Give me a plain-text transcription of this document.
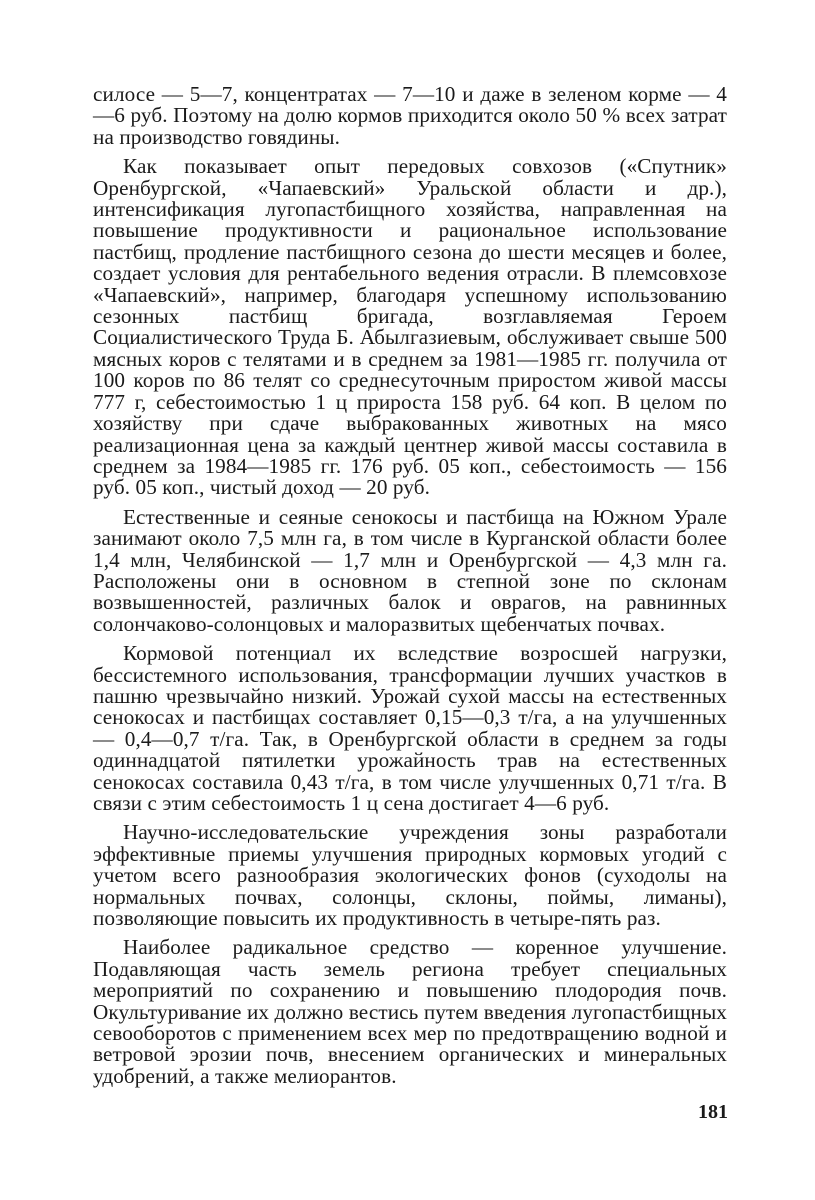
силосе — 5—7, концентратах — 7—10 и даже в зеленом корме — 4—6 руб. Поэтому на долю кормов приходится около 50 % всех затрат на производство говядины.

Как показывает опыт передовых совхозов («Спутник» Оренбургской, «Чапаевский» Уральской области и др.), интенсификация лугопастбищного хозяйства, направленная на повышение продуктивности и рациональное использование пастбищ, продление пастбищного сезона до шести месяцев и более, создает условия для рентабельного ведения отрасли. В племсовхозе «Чапаевский», например, благодаря успешному использованию сезонных пастбищ бригада, возглавляемая Героем Социалистического Труда Б. Абылгазиевым, обслуживает свыше 500 мясных коров с телятами и в среднем за 1981—1985 гг. получила от 100 коров по 86 телят со среднесуточным приростом живой массы 777 г, себестоимостью 1 ц прироста 158 руб. 64 коп. В целом по хозяйству при сдаче выбракованных животных на мясо реализационная цена за каждый центнер живой массы составила в среднем за 1984—1985 гг. 176 руб. 05 коп., себестоимость — 156 руб. 05 коп., чистый доход — 20 руб.

Естественные и сеяные сенокосы и пастбища на Южном Урале занимают около 7,5 млн га, в том числе в Курганской области более 1,4 млн, Челябинской — 1,7 млн и Оренбургской — 4,3 млн га. Расположены они в основном в степной зоне по склонам возвышенностей, различных балок и оврагов, на равнинных солончаково-солонцовых и малоразвитых щебенчатых почвах.

Кормовой потенциал их вследствие возросшей нагрузки, бессистемного использования, трансформации лучших участков в пашню чрезвычайно низкий. Урожай сухой массы на естественных сенокосах и пастбищах составляет 0,15—0,3 т/га, а на улучшенных — 0,4—0,7 т/га. Так, в Оренбургской области в среднем за годы одиннадцатой пятилетки урожайность трав на естественных сенокосах составила 0,43 т/га, в том числе улучшенных 0,71 т/га. В связи с этим себестоимость 1 ц сена достигает 4—6 руб.

Научно-исследовательские учреждения зоны разработали эффективные приемы улучшения природных кормовых угодий с учетом всего разнообразия экологических фонов (суходолы на нормальных почвах, солонцы, склоны, поймы, лиманы), позволяющие повысить их продуктивность в четыре-пять раз.

Наиболее радикальное средство — коренное улучшение. Подавляющая часть земель региона требует специальных мероприятий по сохранению и повышению плодородия почв. Окультуривание их должно вестись путем введения лугопастбищных севооборотов с применением всех мер по предотвращению водной и ветровой эрозии почв, внесением органических и минеральных удобрений, а также мелиорантов.

181
